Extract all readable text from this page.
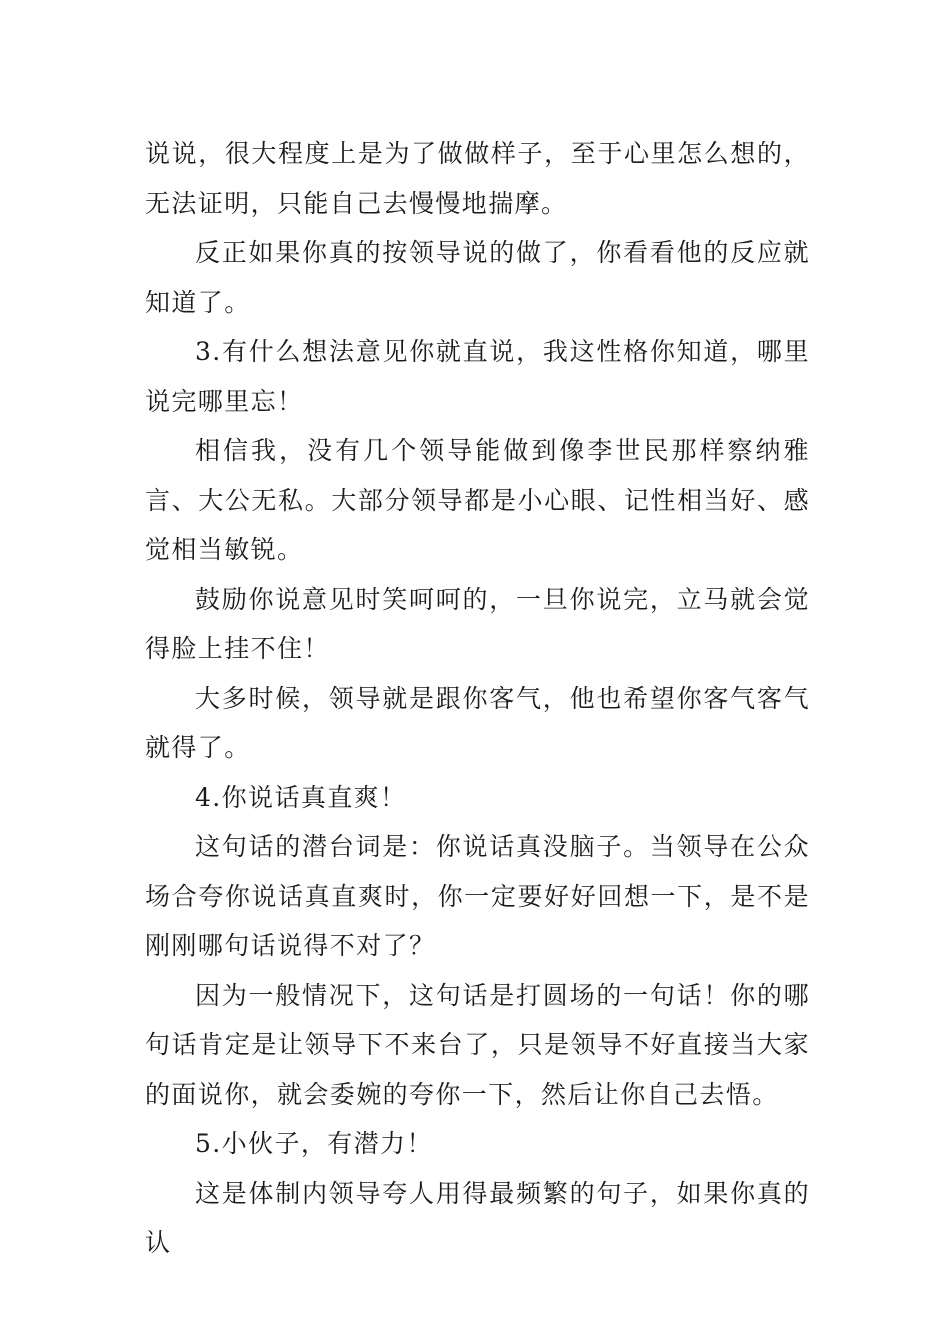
说说，很大程度上是为了做做样子，至于心里怎么想的，无法证明，只能自己去慢慢地揣摩。

反正如果你真的按领导说的做了，你看看他的反应就知道了。

3.有什么想法意见你就直说，我这性格你知道，哪里说完哪里忘！

相信我，没有几个领导能做到像李世民那样察纳雅言、大公无私。大部分领导都是小心眼、记性相当好、感觉相当敏锐。

鼓励你说意见时笑呵呵的，一旦你说完，立马就会觉得脸上挂不住！

大多时候，领导就是跟你客气，他也希望你客气客气就得了。

4.你说话真直爽！

这句话的潜台词是：你说话真没脑子。当领导在公众场合夸你说话真直爽时，你一定要好好回想一下，是不是刚刚哪句话说得不对了？

因为一般情况下，这句话是打圆场的一句话！你的哪句话肯定是让领导下不来台了，只是领导不好直接当大家的面说你，就会委婉的夸你一下，然后让你自己去悟。

5.小伙子，有潜力！

这是体制内领导夸人用得最频繁的句子，如果你真的认
